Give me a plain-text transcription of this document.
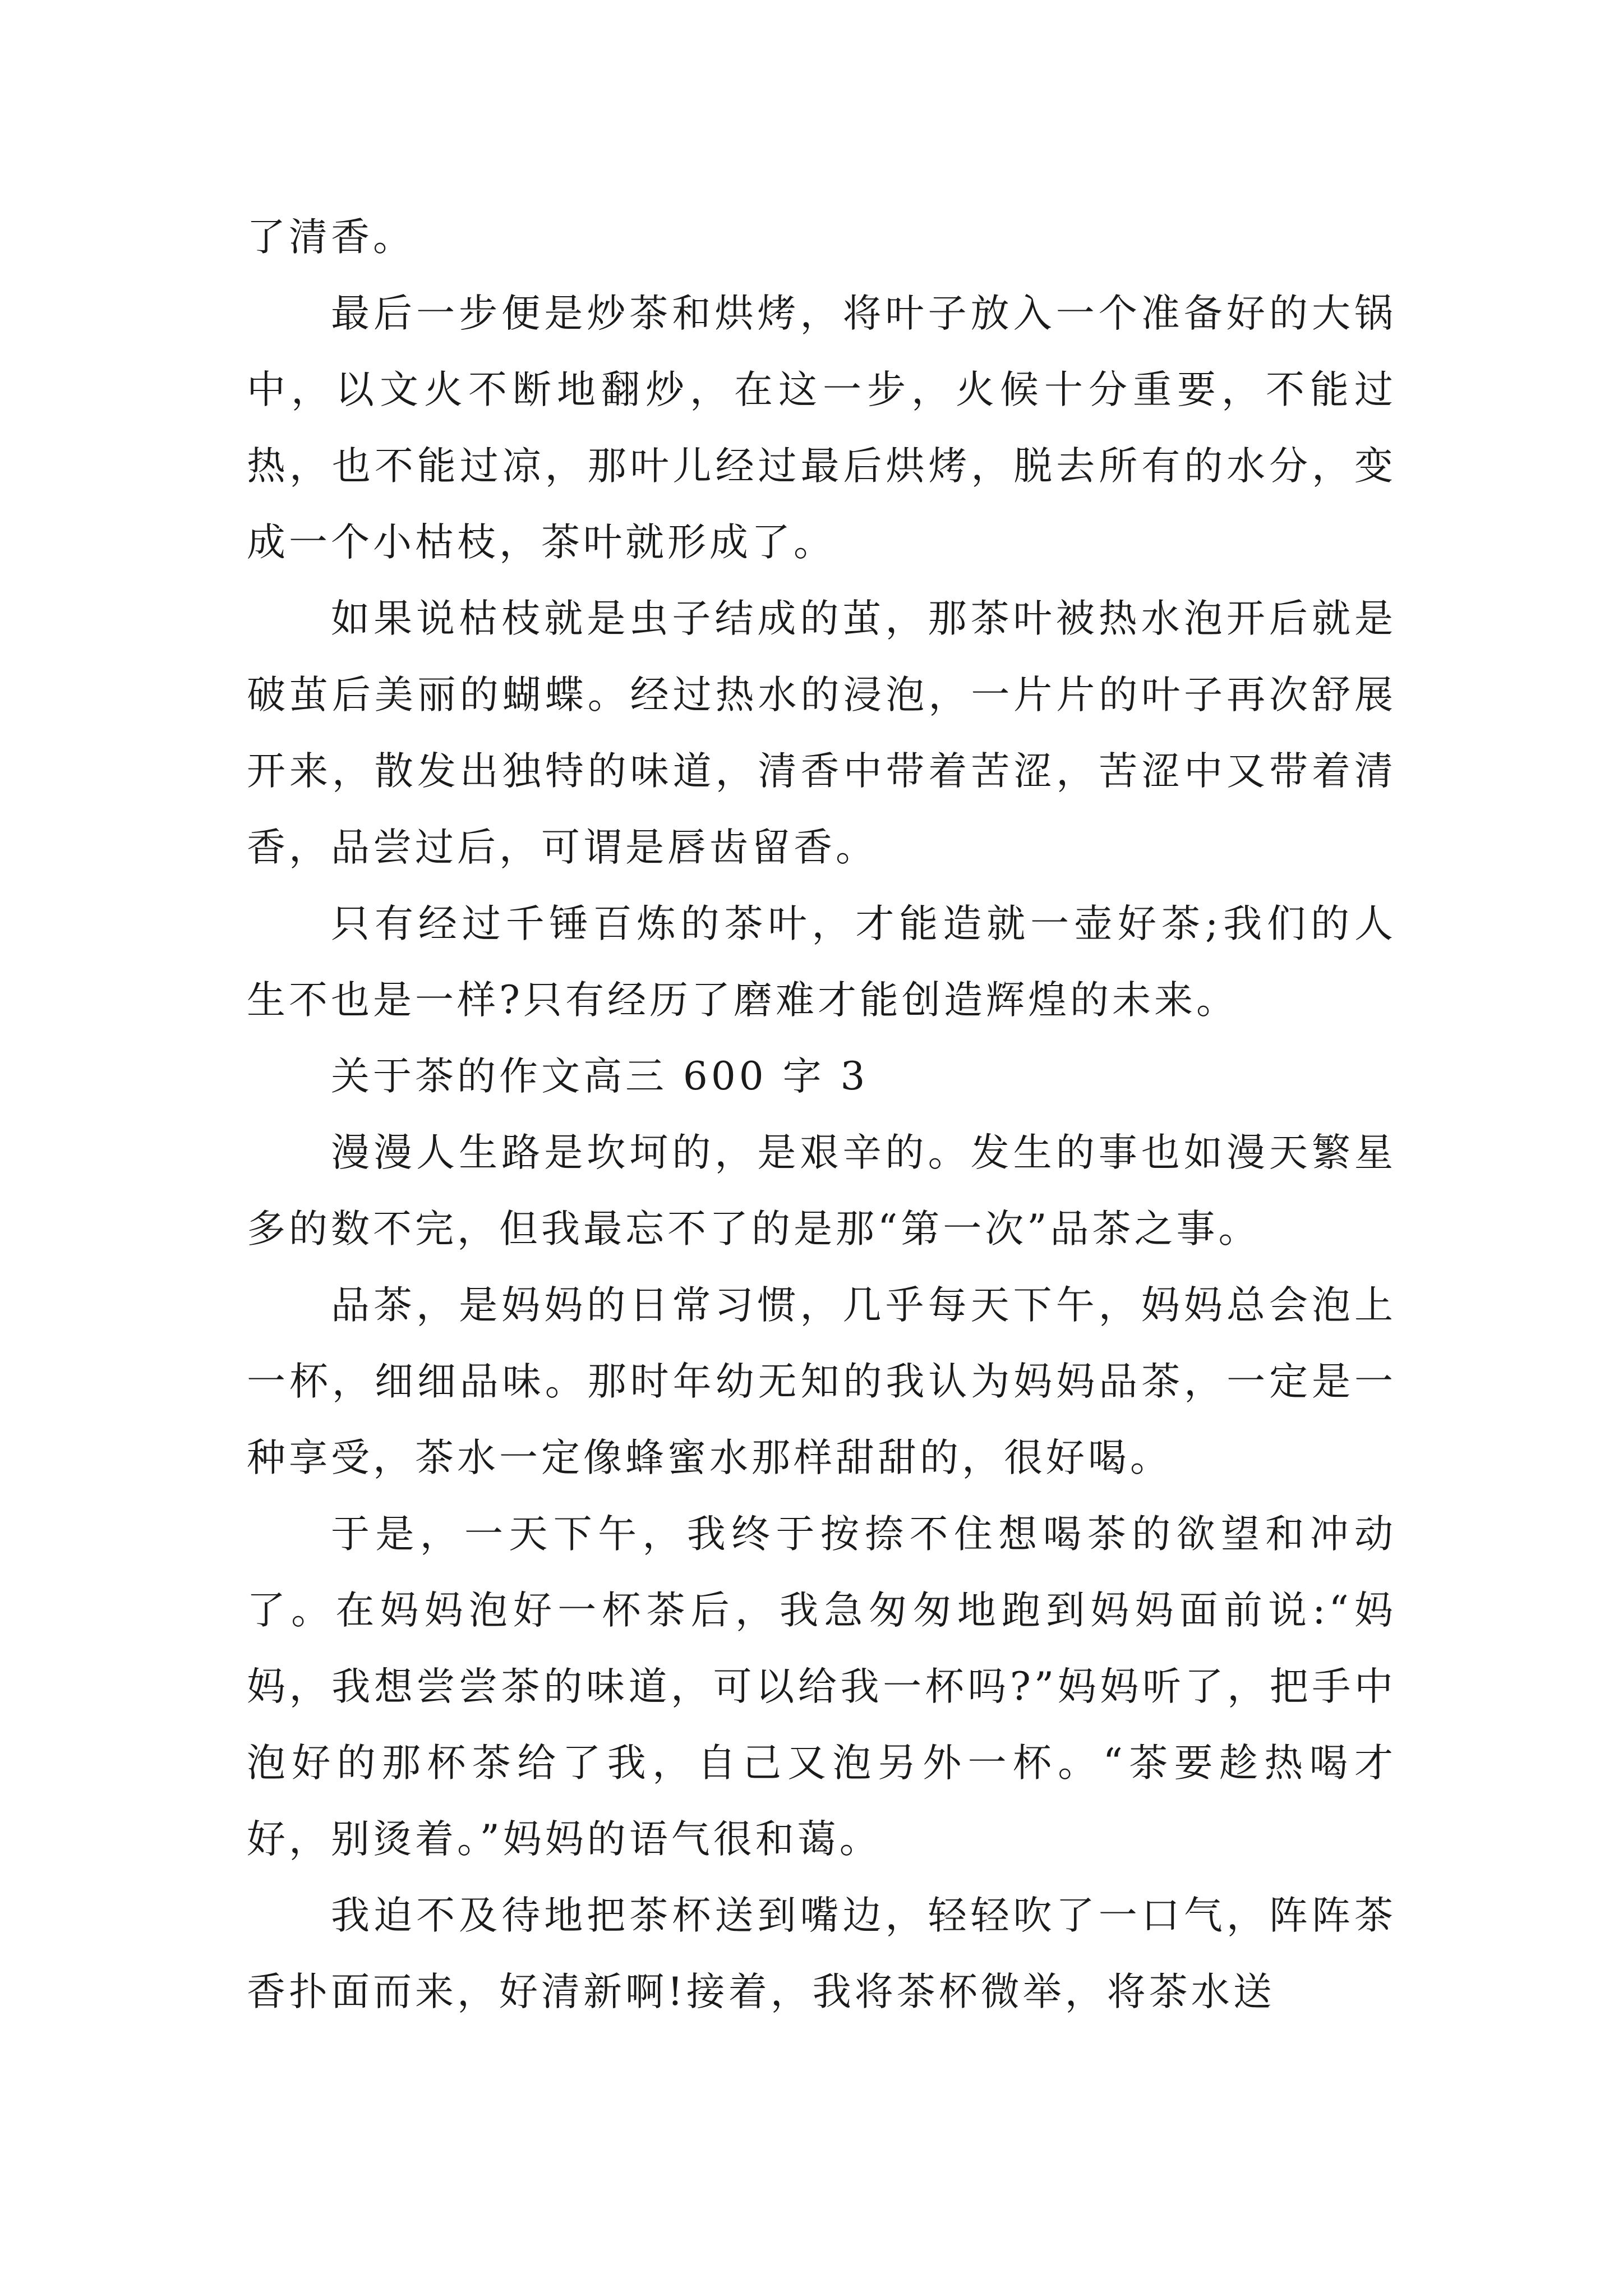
了清香。

最后一步便是炒茶和烘烤，将叶子放入一个准备好的大锅中，以文火不断地翻炒，在这一步，火候十分重要，不能过热，也不能过凉，那叶儿经过最后烘烤，脱去所有的水分，变成一个小枯枝，茶叶就形成了。

如果说枯枝就是虫子结成的茧，那茶叶被热水泡开后就是破茧后美丽的蝴蝶。经过热水的浸泡，一片片的叶子再次舒展开来，散发出独特的味道，清香中带着苦涩，苦涩中又带着清香，品尝过后，可谓是唇齿留香。

只有经过千锤百炼的茶叶，才能造就一壶好茶;我们的人生不也是一样?只有经历了磨难才能创造辉煌的未来。

关于茶的作文高三 600 字 3

漫漫人生路是坎坷的，是艰辛的。发生的事也如漫天繁星多的数不完，但我最忘不了的是那“第一次”品茶之事。

品茶，是妈妈的日常习惯，几乎每天下午，妈妈总会泡上一杯，细细品味。那时年幼无知的我认为妈妈品茶，一定是一种享受，茶水一定像蜂蜜水那样甜甜的，很好喝。

于是，一天下午，我终于按捺不住想喝茶的欲望和冲动了。在妈妈泡好一杯茶后，我急匆匆地跑到妈妈面前说:“妈妈，我想尝尝茶的味道，可以给我一杯吗?”妈妈听了，把手中泡好的那杯茶给了我，自己又泡另外一杯。“茶要趁热喝才好，别烫着。”妈妈的语气很和蔼。

我迫不及待地把茶杯送到嘴边，轻轻吹了一口气，阵阵茶香扑面而来，好清新啊!接着，我将茶杯微举，将茶水送
